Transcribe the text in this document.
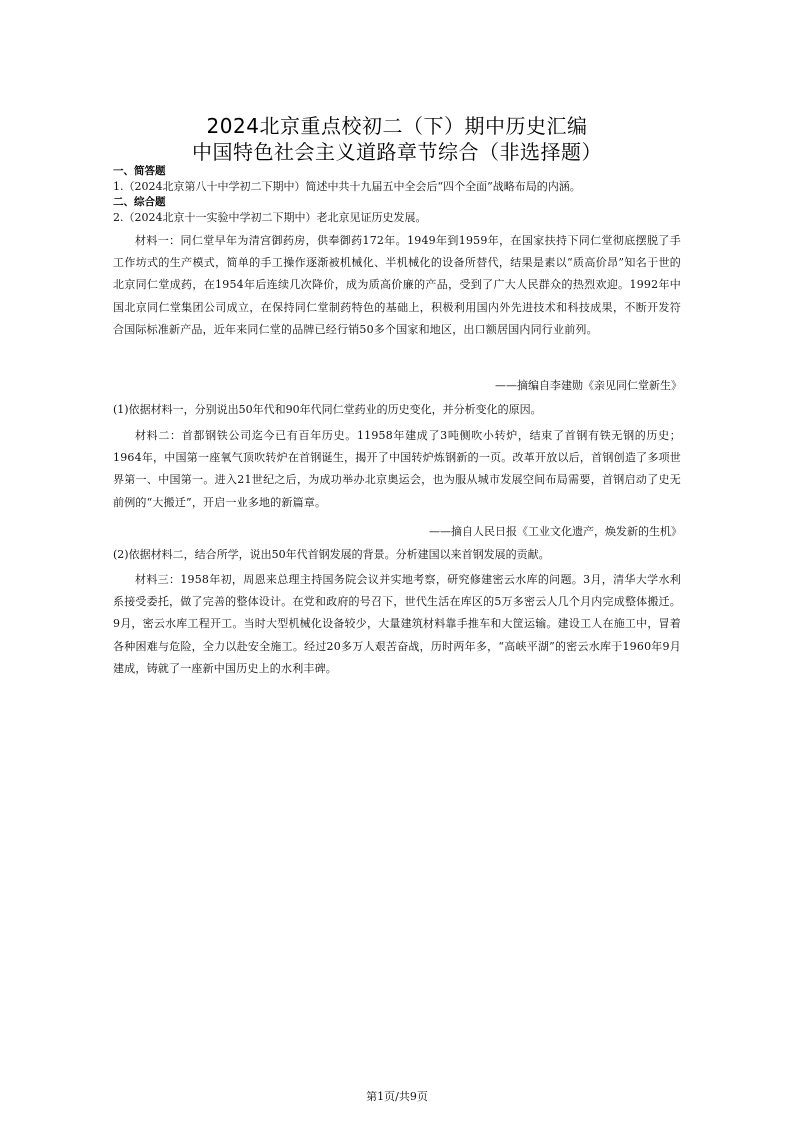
2024北京重点校初二（下）期中历史汇编
中国特色社会主义道路章节综合（非选择题）
一、简答题
1.（2024北京第八十中学初二下期中）简述中共十九届五中全会后“四个全面”战略布局的内涵。
二、综合题
2.（2024北京十一实验中学初二下期中）老北京见证历史发展。
材料一：同仁堂早年为清宫御药房，供奉御药172年。1949年到1959年，在国家扶持下同仁堂彻底摆脱了手工作坊式的生产模式，简单的手工操作逐渐被机械化、半机械化的设备所替代，结果是素以“质高价昂”知名于世的北京同仁堂成药，在1954年后连续几次降价，成为质高价廉的产品，受到了广大人民群众的热烈欢迎。1992年中国北京同仁堂集团公司成立，在保持同仁堂制药特色的基础上，积极利用国内外先进技术和科技成果，不断开发符合国际标准新产品，近年来同仁堂的品牌已经行销50多个国家和地区，出口额居国内同行业前列。
——摘编自李建勋《亲见同仁堂新生》
(1)依据材料一，分别说出50年代和90年代同仁堂药业的历史变化，并分析变化的原因。
材料二：首都钢铁公司迄今已有百年历史。11958年建成了3吨侧吹小转炉，结束了首钢有铁无钢的历史；1964年，中国第一座氧气顶吹转炉在首钢诞生，揭开了中国转炉炼钢新的一页。改革开放以后，首钢创造了多项世界第一、中国第一。进入21世纪之后，为成功举办北京奥运会，也为服从城市发展空间布局需要，首钢启动了史无前例的“大搬迁”，开启一业多地的新篇章。
——摘自人民日报《工业文化遗产，焕发新的生机》
(2)依据材料二，结合所学，说出50年代首钢发展的背景。分析建国以来首钢发展的贡献。
材料三：1958年初，周恩来总理主持国务院会议并实地考察，研究修建密云水库的问题。3月，清华大学水利系接受委托，做了完善的整体设计。在党和政府的号召下，世代生活在库区的5万多密云人几个月内完成整体搬迁。9月，密云水库工程开工。当时大型机械化设备较少，大量建筑材料靠手推车和大筐运输。建设工人在施工中，冒着各种困难与危险，全力以赴安全施工。经过20多万人艰苦奋战，历时两年多，“高峡平湖”的密云水库于1960年9月建成，铸就了一座新中国历史上的水利丰碑。
第1页/共9页
